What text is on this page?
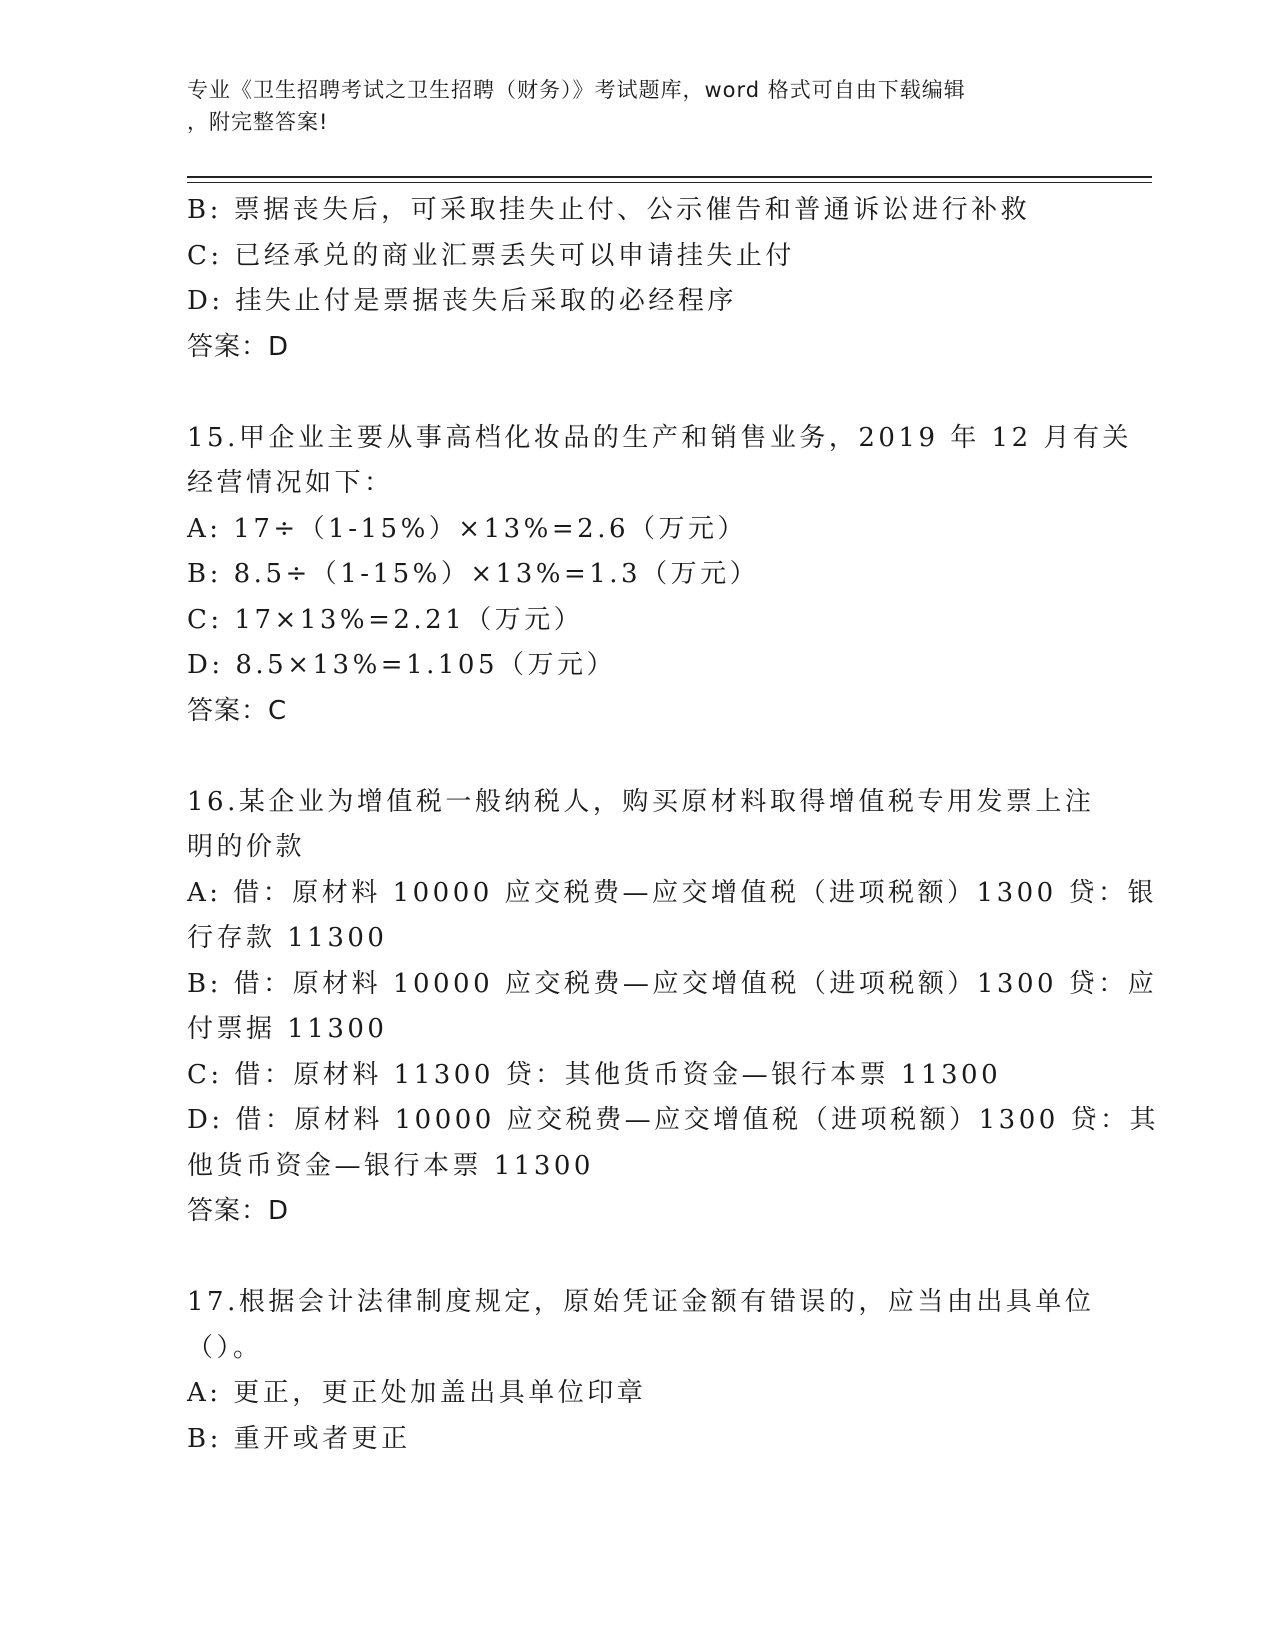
专业《卫生招聘考试之卫生招聘（财务）》考试题库，word 格式可自由下载编辑
，附完整答案!
B: 票据丧失后，可采取挂失止付、公示催告和普通诉讼进行补救
C: 已经承兑的商业汇票丢失可以申请挂失止付
D: 挂失止付是票据丧失后采取的必经程序
答案：D
15.甲企业主要从事高档化妆品的生产和销售业务，2019 年 12 月有关
经营情况如下：
A: 17÷（1-15%）×13%=2.6（万元）
B: 8.5÷（1-15%）×13%=1.3（万元）
C: 17×13%=2.21（万元）
D: 8.5×13%=1.105（万元）
答案：C
16.某企业为增值税一般纳税人，购买原材料取得增值税专用发票上注
明的价款
A: 借：原材料 10000 应交税费—应交增值税（进项税额）1300 贷：银
行存款 11300
B: 借：原材料 10000 应交税费—应交增值税（进项税额）1300 贷：应
付票据 11300
C: 借：原材料 11300 贷：其他货币资金—银行本票 11300
D: 借：原材料 10000 应交税费—应交增值税（进项税额）1300 贷：其
他货币资金—银行本票 11300
答案：D
17.根据会计法律制度规定，原始凭证金额有错误的，应当由出具单位
（）。
A: 更正，更正处加盖出具单位印章
B: 重开或者更正
